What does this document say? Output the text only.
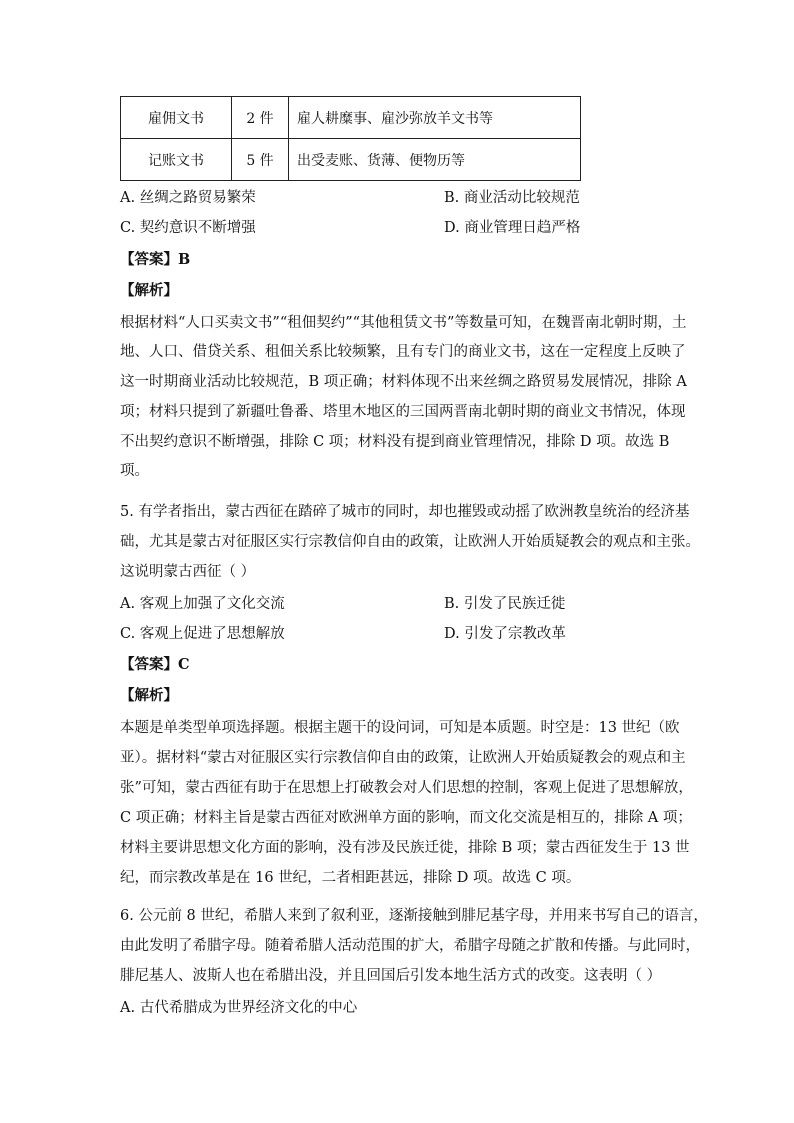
雇佣文书	2 件	雇人耕糜事、雇沙弥放羊文书等
记账文书	5 件	出受麦账、货薄、便物历等
A. 丝绸之路贸易繁荣	B. 商业活动比较规范
C. 契约意识不断增强	D. 商业管理日趋严格
【答案】B
【解析】
根据材料“人口买卖文书”“租佃契约”“其他租赁文书”等数量可知，在魏晋南北朝时期，土
地、人口、借贷关系、租佃关系比较频繁，且有专门的商业文书，这在一定程度上反映了
这一时期商业活动比较规范，B 项正确；材料体现不出来丝绸之路贸易发展情况，排除 A
项；材料只提到了新疆吐鲁番、塔里木地区的三国两晋南北朝时期的商业文书情况，体现
不出契约意识不断增强，排除 C 项；材料没有提到商业管理情况，排除 D 项。故选 B
项。
5. 有学者指出，蒙古西征在踏碎了城市的同时，却也摧毁或动摇了欧洲教皇统治的经济基
础，尤其是蒙古对征服区实行宗教信仰自由的政策，让欧洲人开始质疑教会的观点和主张。
这说明蒙古西征（ ）
A. 客观上加强了文化交流	B. 引发了民族迁徙
C. 客观上促进了思想解放	D. 引发了宗教改革
【答案】C
【解析】
本题是单类型单项选择题。根据主题干的设问词，可知是本质题。时空是：13 世纪（欧
亚）。据材料“蒙古对征服区实行宗教信仰自由的政策，让欧洲人开始质疑教会的观点和主
张”可知，蒙古西征有助于在思想上打破教会对人们思想的控制，客观上促进了思想解放，
C 项正确；材料主旨是蒙古西征对欧洲单方面的影响，而文化交流是相互的，排除 A 项；
材料主要讲思想文化方面的影响，没有涉及民族迁徙，排除 B 项；蒙古西征发生于 13 世
纪，而宗教改革是在 16 世纪，二者相距甚远，排除 D 项。故选 C 项。
6. 公元前 8 世纪，希腊人来到了叙利亚，逐渐接触到腓尼基字母，并用来书写自己的语言，
由此发明了希腊字母。随着希腊人活动范围的扩大，希腊字母随之扩散和传播。与此同时，
腓尼基人、波斯人也在希腊出没，并且回国后引发本地生活方式的改变。这表明（ ）
A. 古代希腊成为世界经济文化的中心
